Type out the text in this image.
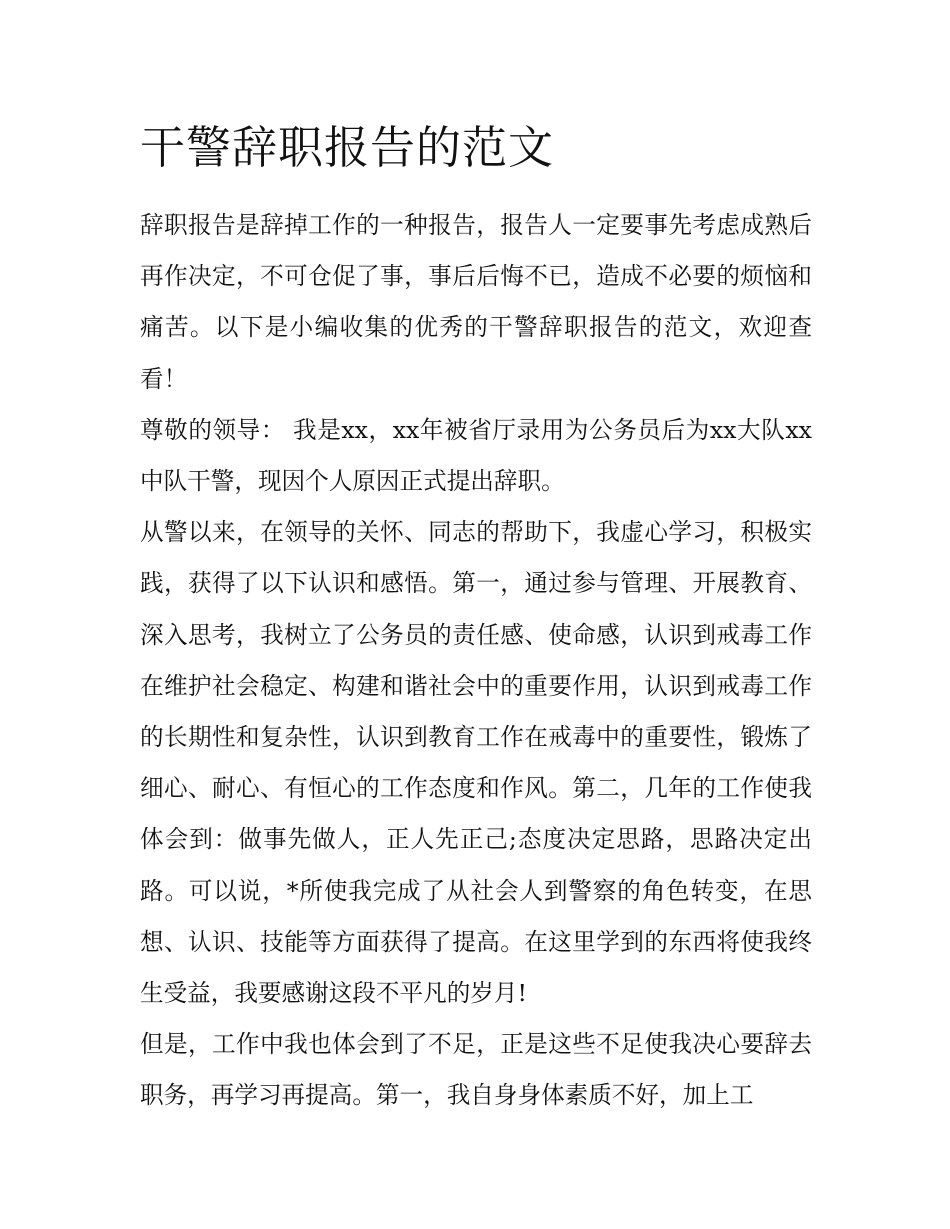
干警辞职报告的范文

辞职报告是辞掉工作的一种报告，报告人一定要事先考虑成熟后再作决定，不可仓促了事，事后后悔不已，造成不必要的烦恼和痛苦。以下是小编收集的优秀的干警辞职报告的范文，欢迎查看！

尊敬的领导： 我是xx，xx年被省厅录用为公务员后为xx大队xx中队干警，现因个人原因正式提出辞职。

从警以来，在领导的关怀、同志的帮助下，我虚心学习，积极实践，获得了以下认识和感悟。第一，通过参与管理、开展教育、深入思考，我树立了公务员的责任感、使命感，认识到戒毒工作在维护社会稳定、构建和谐社会中的重要作用，认识到戒毒工作的长期性和复杂性，认识到教育工作在戒毒中的重要性，锻炼了细心、耐心、有恒心的工作态度和作风。第二，几年的工作使我体会到：做事先做人，正人先正己;态度决定思路，思路决定出路。可以说，*所使我完成了从社会人到警察的角色转变，在思想、认识、技能等方面获得了提高。在这里学到的东西将使我终生受益，我要感谢这段不平凡的岁月!

但是，工作中我也体会到了不足，正是这些不足使我决心要辞去职务，再学习再提高。第一，我自身身体素质不好，加上工
